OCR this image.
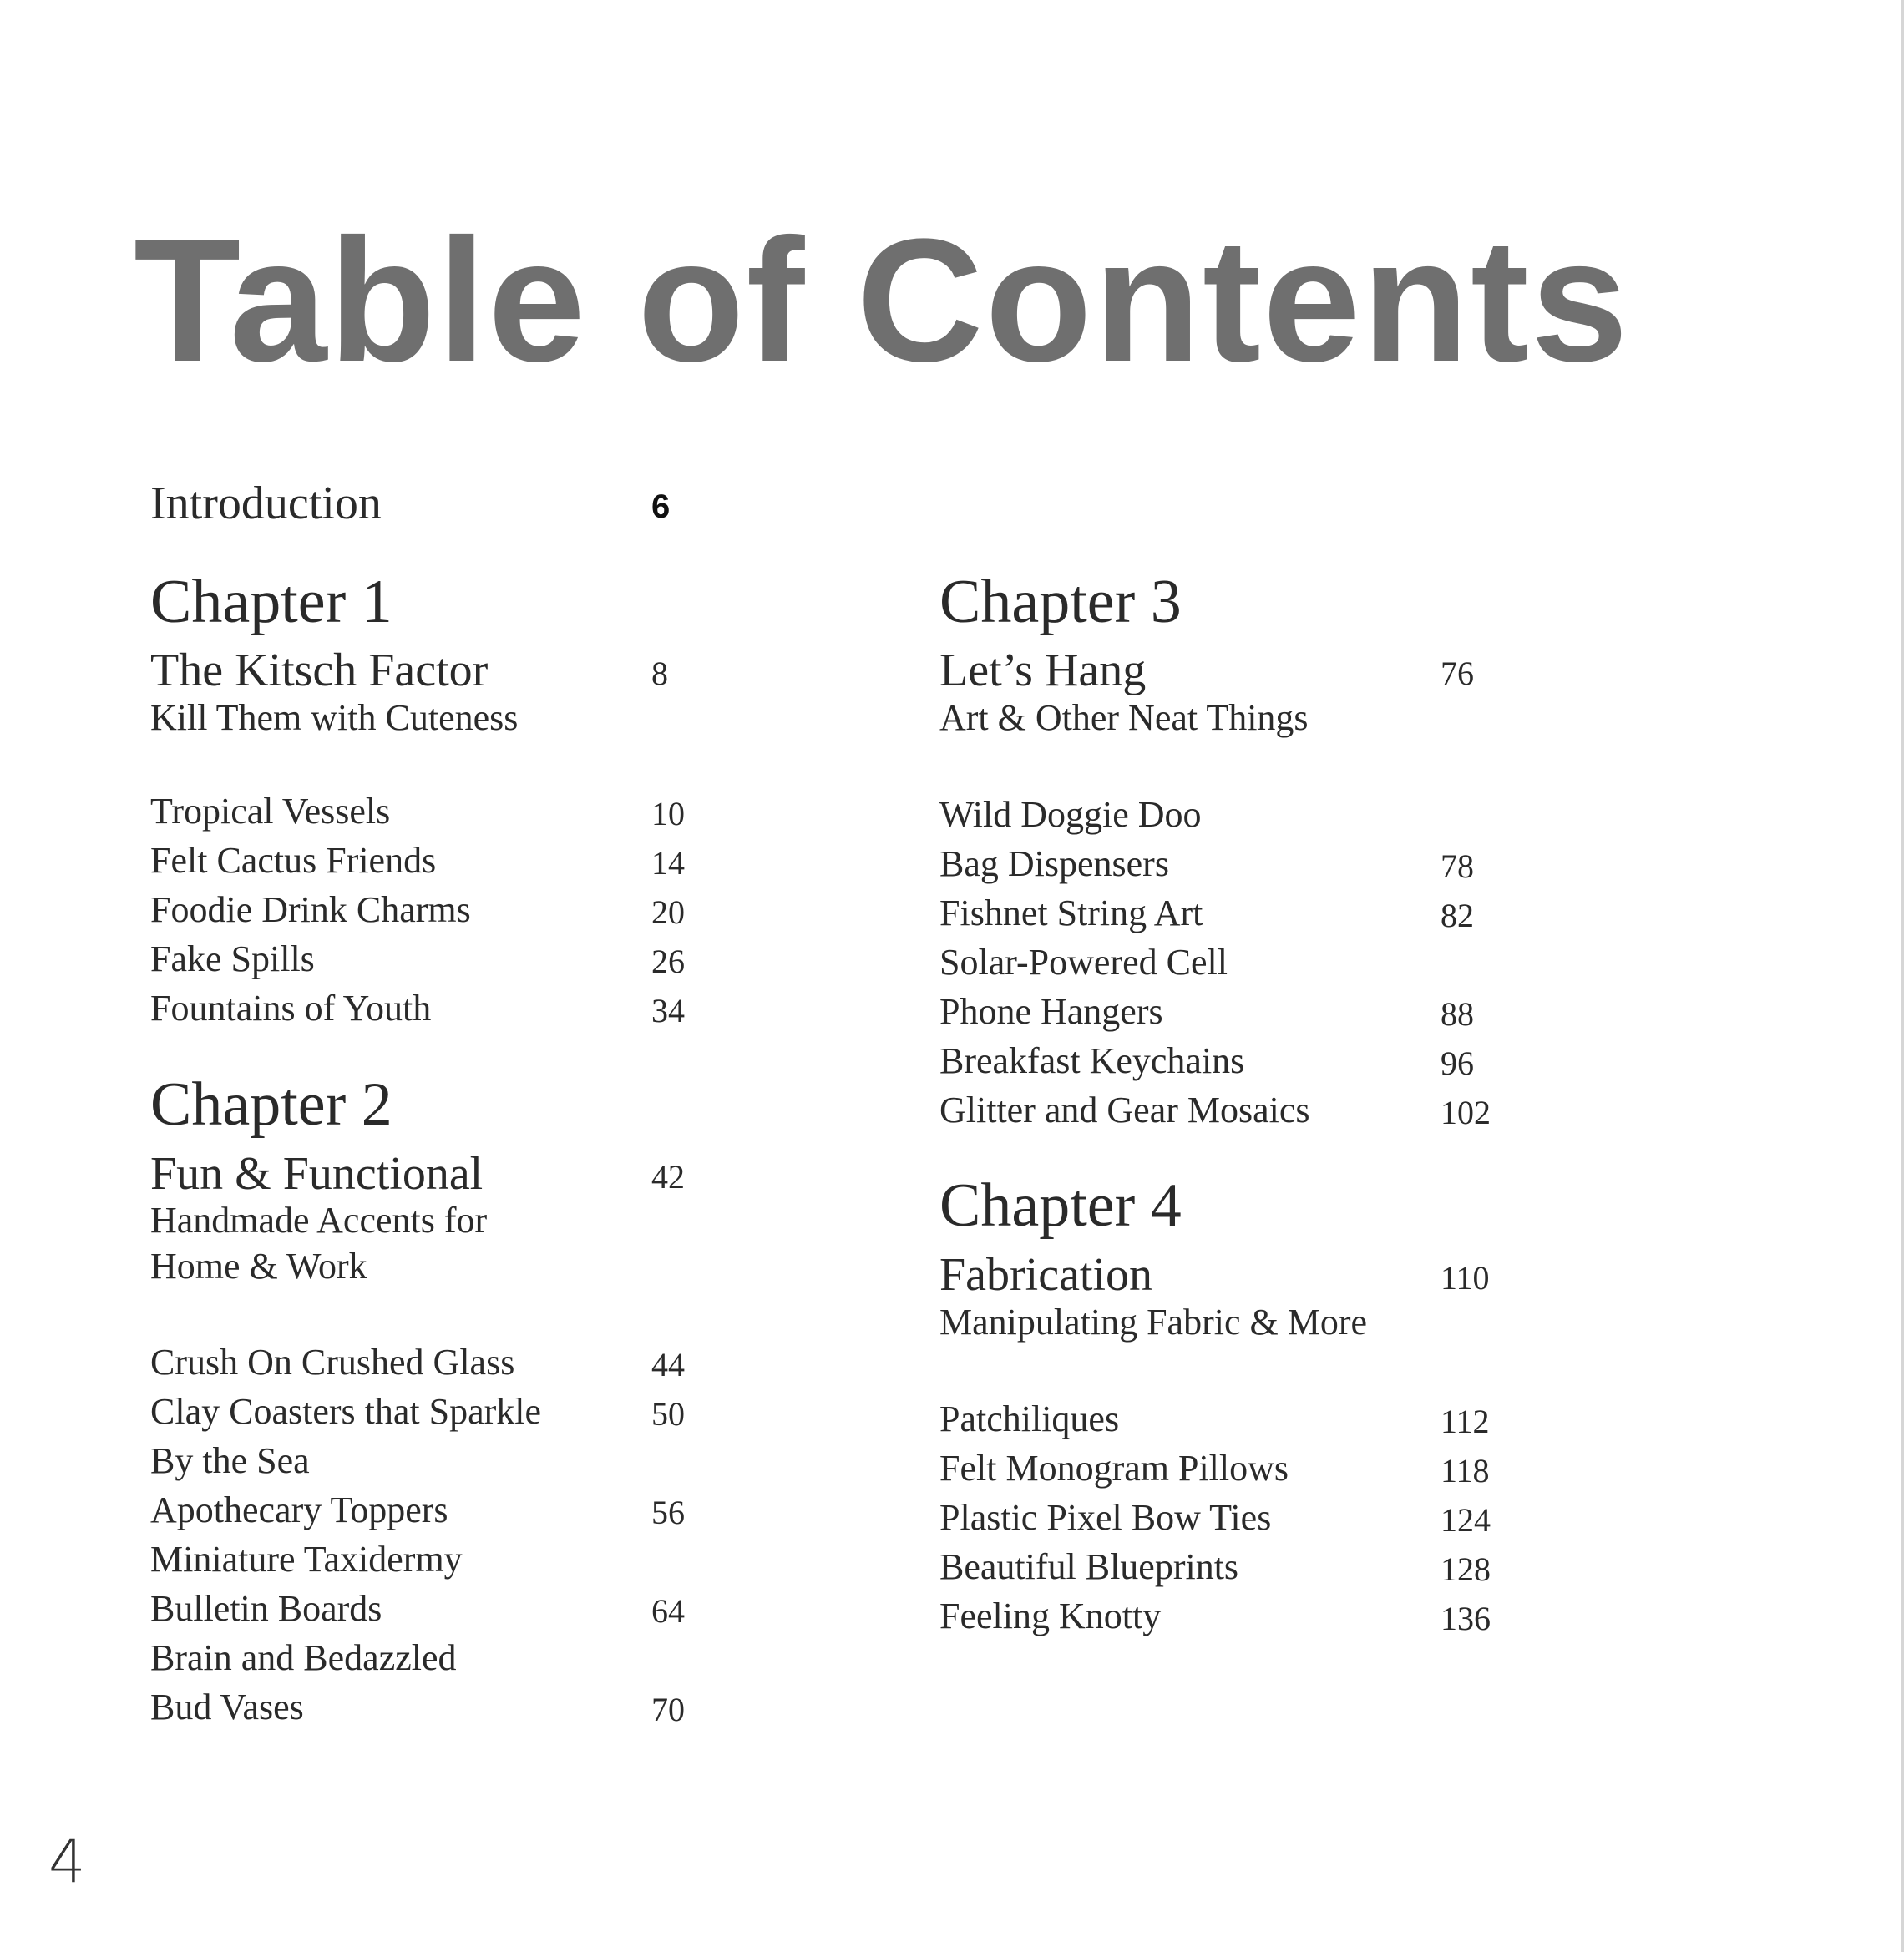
Table of Contents
Introduction	6
Chapter 1
The Kitsch Factor	8
Kill Them with Cuteness
Tropical Vessels	10
Felt Cactus Friends	14
Foodie Drink Charms	20
Fake Spills	26
Fountains of Youth	34
Chapter 2
Fun & Functional	42
Handmade Accents for
Home & Work
Crush On Crushed Glass	44
Clay Coasters that Sparkle	50
By the Sea
Apothecary Toppers	56
Miniature Taxidermy
Bulletin Boards	64
Brain and Bedazzled
Bud Vases	70
Chapter 3
Let’s Hang	76
Art & Other Neat Things
Wild Doggie Doo
Bag Dispensers	78
Fishnet String Art	82
Solar-Powered Cell
Phone Hangers	88
Breakfast Keychains	96
Glitter and Gear Mosaics	102
Chapter 4
Fabrication	110
Manipulating Fabric & More
Patchiliques	112
Felt Monogram Pillows	118
Plastic Pixel Bow Ties	124
Beautiful Blueprints	128
Feeling Knotty	136
4
